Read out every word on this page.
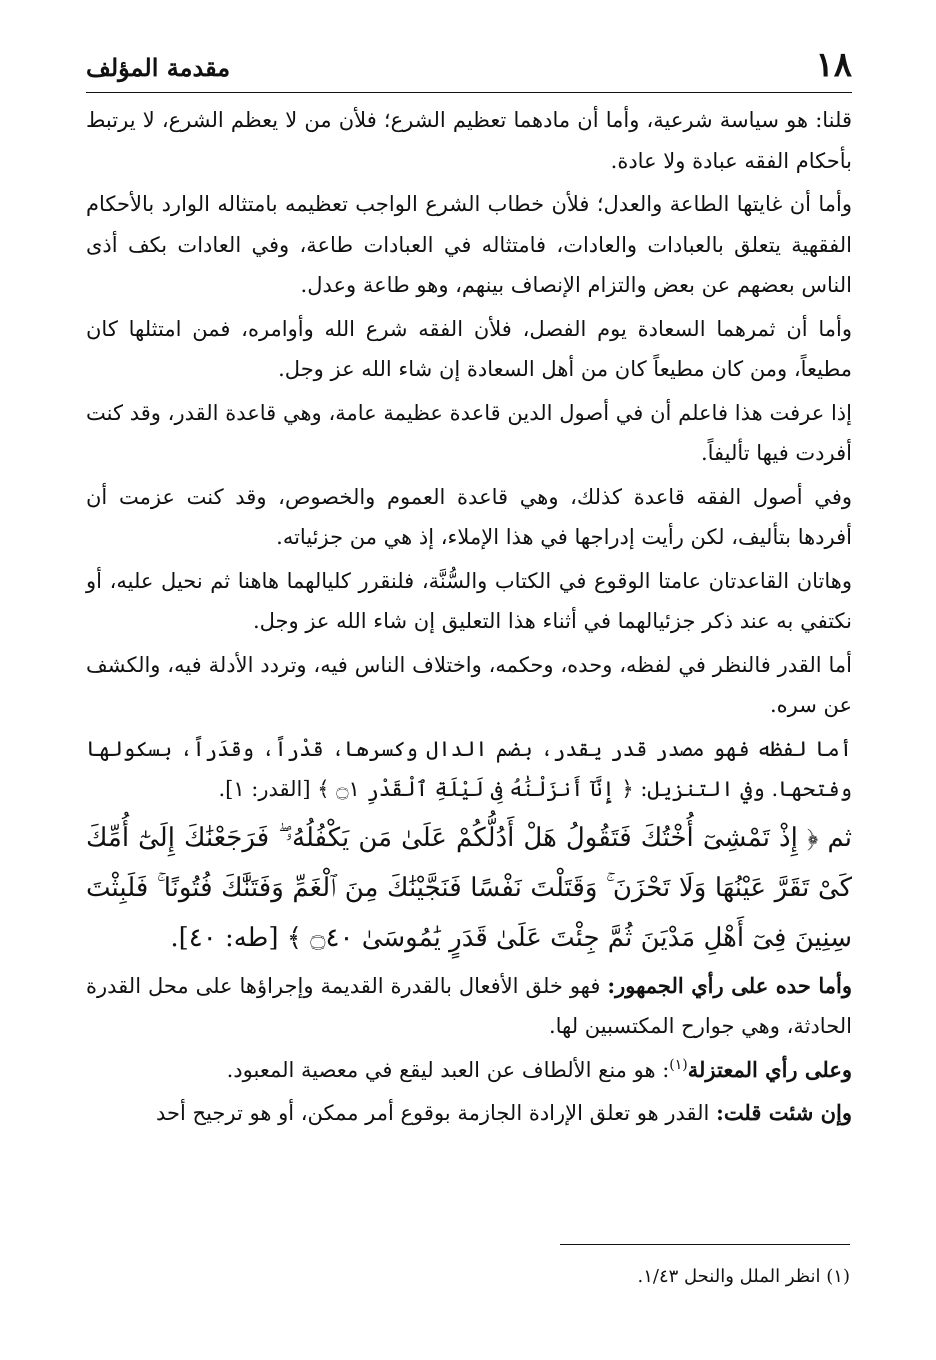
١٨
مقدمة المؤلف

قلنا: هو سياسة شرعية، وأما أن مادهما تعظيم الشرع؛ فلأن من لا يعظم الشرع، لا يرتبط بأحكام الفقه عبادة ولا عادة.

وأما أن غايتها الطاعة والعدل؛ فلأن خطاب الشرع الواجب تعظيمه بامتثاله الوارد بالأحكام الفقهية يتعلق بالعبادات والعادات، فامتثاله في العبادات طاعة، وفي العادات بكف أذى الناس بعضهم عن بعض والتزام الإنصاف بينهم، وهو طاعة وعدل.

وأما أن ثمرهما السعادة يوم الفصل، فلأن الفقه شرع الله وأوامره، فمن امتثلها كان مطيعاً، ومن كان مطيعاً كان من أهل السعادة إن شاء الله عز وجل.

إذا عرفت هذا فاعلم أن في أصول الدين قاعدة عظيمة عامة، وهي قاعدة القدر، وقد كنت أفردت فيها تأليفاً.

وفي أصول الفقه قاعدة كذلك، وهي قاعدة العموم والخصوص، وقد كنت عزمت أن أفردها بتأليف، لكن رأيت إدراجها في هذا الإملاء، إذ هي من جزئياته.

وهاتان القاعدتان عامتا الوقوع في الكتاب والسُّنَّة، فلنقرر كليالهما هاهنا ثم نحيل عليه، أو نكتفي به عند ذكر جزئيالهما في أثناء هذا التعليق إن شاء الله عز وجل.

أما القدر فالنظر في لفظه، وحده، وحكمه، واختلاف الناس فيه، وتردد الأدلة فيه، والكشف عن سره.

أما لفظه فهو مصدر قدر يقدر، بضم الدال وكسرها، قدْراً، وقدَراً، بسكولها وفتحها. وفي التنزيل: ﴿ إِنَّآ أَنزَلْنَٰهُ فِى لَيْلَةِ ٱلْقَدْرِ ۝١ ﴾ [القدر: ١].

ثم ﴿ إِذْ تَمْشِىٓ أُخْتُكَ فَتَقُولُ هَلْ أَدُلُّكُمْ عَلَىٰ مَن يَكْفُلُهُۥ ۖ فَرَجَعْنَٰكَ إِلَىٰٓ أُمِّكَ كَىْ تَقَرَّ عَيْنُهَا وَلَا تَحْزَنَ ۚ وَقَتَلْتَ نَفْسًا فَنَجَّيْنَٰكَ مِنَ ٱلْغَمِّ وَفَتَنَّٰكَ فُتُونًا ۚ فَلَبِثْتَ سِنِينَ فِىٓ أَهْلِ مَدْيَنَ ثُمَّ جِئْتَ عَلَىٰ قَدَرٍ يَٰمُوسَىٰ ۝٤٠ ﴾ [طه: ٤٠].

وأما حده على رأي الجمهور: فهو خلق الأفعال بالقدرة القديمة وإجراؤها على محل القدرة الحادثة، وهي جوارح المكتسبين لها.

وعلى رأي المعتزلة$^{(١)}$: هو منع الألطاف عن العبد ليقع في معصية المعبود.

وإن شئت قلت: القدر هو تعلق الإرادة الجازمة بوقوع أمر ممكن، أو هو ترجيح أحد

(١) انظر الملل والنحل ١/٤٣.
